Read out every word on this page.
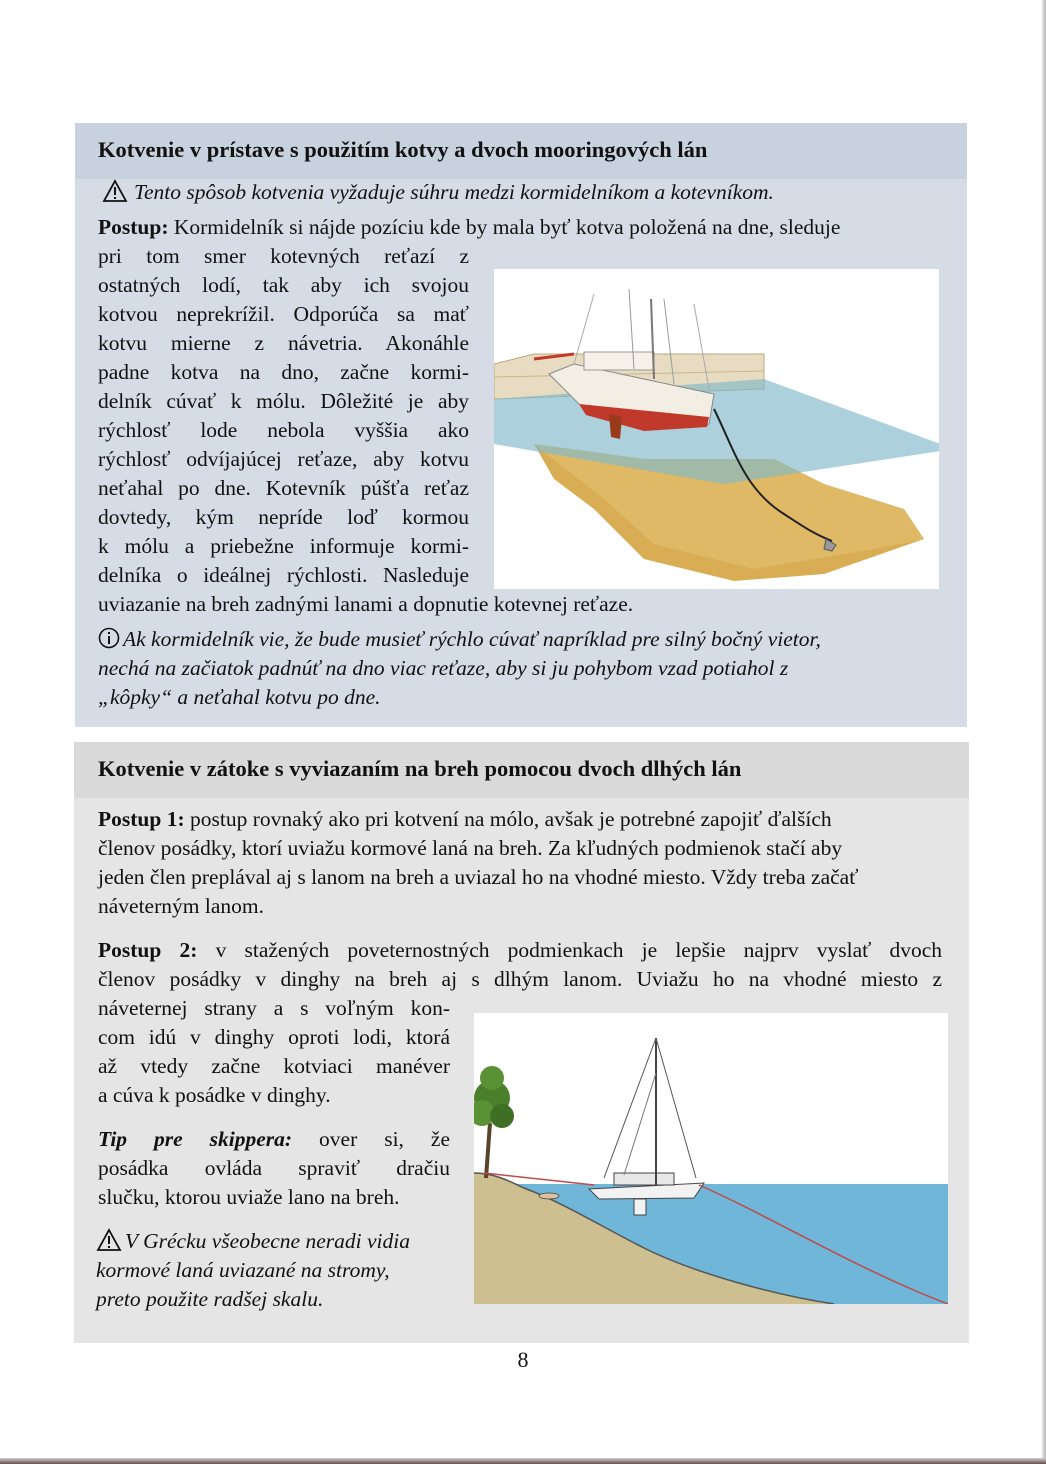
Kotvenie v prístave s použitím kotvy a dvoch mooringových lán
Tento spôsob kotvenia vyžaduje súhru medzi kormidelníkom a kotevníkom.
Postup: Kormidelník si nájde pozíciu kde by mala byť kotva položená na dne, sleduje
pri tom smer kotevných reťazí z
ostatných lodí, tak aby ich svojou
kotvou neprekrížil. Odporúča sa mať
kotvu mierne z návetria. Akonáhle
padne kotva na dno, začne kormi-
delník cúvať k mólu. Dôležité je aby
rýchlosť lode nebola vyššia ako
rýchlosť odvíjajúcej reťaze, aby kotvu
neťahal po dne. Kotevník púšťa reťaz
dovtedy, kým nepríde loď kormou
k mólu a priebežne informuje kormi-
delníka o ideálnej rýchlosti. Nasleduje
uviazanie na breh zadnými lanami a dopnutie kotevnej reťaze.
Ak kormidelník vie, že bude musieť rýchlo cúvať napríklad pre silný bočný vietor,
nechá na začiatok padnúť na dno viac reťaze, aby si ju pohybom vzad potiahol z
„kôpky“ a neťahal kotvu po dne.
Kotvenie v zátoke s vyviazaním na breh pomocou dvoch dlhých lán
Postup 1: postup rovnaký ako pri kotvení na mólo, avšak je potrebné zapojiť ďalších
členov posádky, ktorí uviažu kormové laná na breh. Za kľudných podmienok stačí aby
jeden člen preplával aj s lanom na breh a uviazal ho na vhodné miesto. Vždy treba začať
náveterným lanom.
Postup 2: v stažených poveternostných podmienkach je lepšie najprv vyslať dvoch
členov posádky v dinghy na breh aj s dlhým lanom. Uviažu ho na vhodné miesto z
náveternej strany a s voľným kon-
com idú v dinghy oproti lodi, ktorá
až vtedy začne kotviaci manéver
a cúva k posádke v dinghy.
Tip pre skippera: over si, že
posádka ovláda spraviť dračiu
slučku, ktorou uviaže lano na breh.
V Grécku všeobecne neradi vidia
kormové laná uviazané na stromy,
preto použite radšej skalu.
8
